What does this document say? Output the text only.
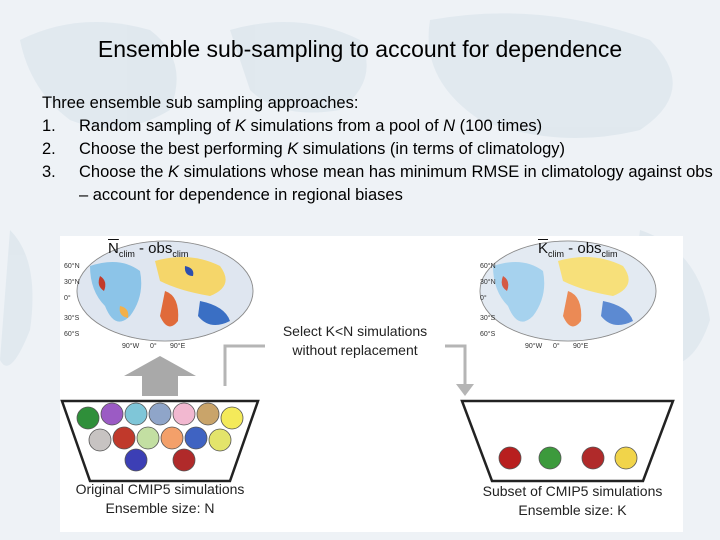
Ensemble sub-sampling to account for dependence
Three ensemble sub sampling approaches:
1. Random sampling of K simulations from a pool of N (100 times)
2. Choose the best performing K simulations (in terms of climatology)
3. Choose the K simulations whose mean has minimum RMSE in climatology against obs – account for dependence in regional biases
60°N	60°N
30°N	30°N
0°	0°
30°S	30°S
60°S	60°S
90°W	90°W
0°	0°
90°E	90°E
$\overline{N}_{clim} - obs_{clim}$	$\overline{K}_{clim} - obs_{clim}$
Select K<N simulations
without replacement
Original CMIP5 simulations
Ensemble size: N
Subset of CMIP5 simulations
Ensemble size: K
